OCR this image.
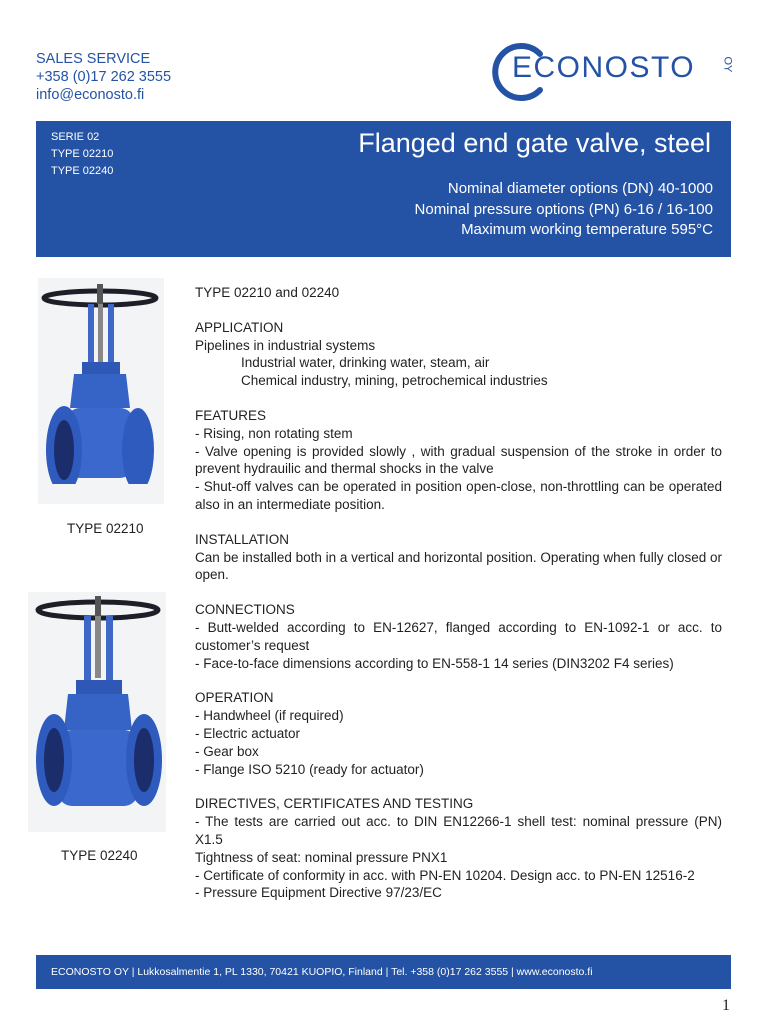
SALES SERVICE
+358 (0)17 262 3555
info@econosto.fi
ECONOSTO OY
SERIE 02
TYPE 02210
TYPE 02240
Flanged end gate valve, steel
Nominal diameter options (DN) 40-1000
Nominal pressure options (PN) 6-16 / 16-100
Maximum working temperature 595°C
TYPE 02210
TYPE 02240

TYPE 02210 and 02240

APPLICATION

Pipelines in industrial systems

Industrial water, drinking water, steam, air

Chemical industry, mining, petrochemical industries

FEATURES

- Rising, non rotating stem

- Valve opening is provided slowly , with gradual suspension of the stroke in order to prevent hydrauilic and thermal shocks in the valve

- Shut-off valves can be operated in position open-close, non-throttling can be operated also in an intermediate position.

INSTALLATION

Can be installed both in a vertical and horizontal position. Operating when fully closed or open.

CONNECTIONS

- Butt-welded according to EN-12627, flanged according to EN-1092-1 or acc. to customer’s request

- Face-to-face dimensions according to EN-558-1 14 series (DIN3202 F4 series)

OPERATION

- Handwheel (if required)

- Electric actuator

- Gear box

- Flange ISO 5210 (ready for actuator)

DIRECTIVES, CERTIFICATES AND TESTING

- The tests are carried out acc. to DIN EN12266-1 shell test: nominal pressure (PN) X1.5

Tightness of seat: nominal pressure PNX1

- Certificate of conformity in acc. with PN-EN 10204. Design acc. to PN-EN 12516-2

- Pressure Equipment Directive 97/23/EC

ECONOSTO OY | Lukkosalmentie 1, PL 1330, 70421 KUOPIO, Finland | Tel. +358 (0)17 262 3555 | www.econosto.fi
1
